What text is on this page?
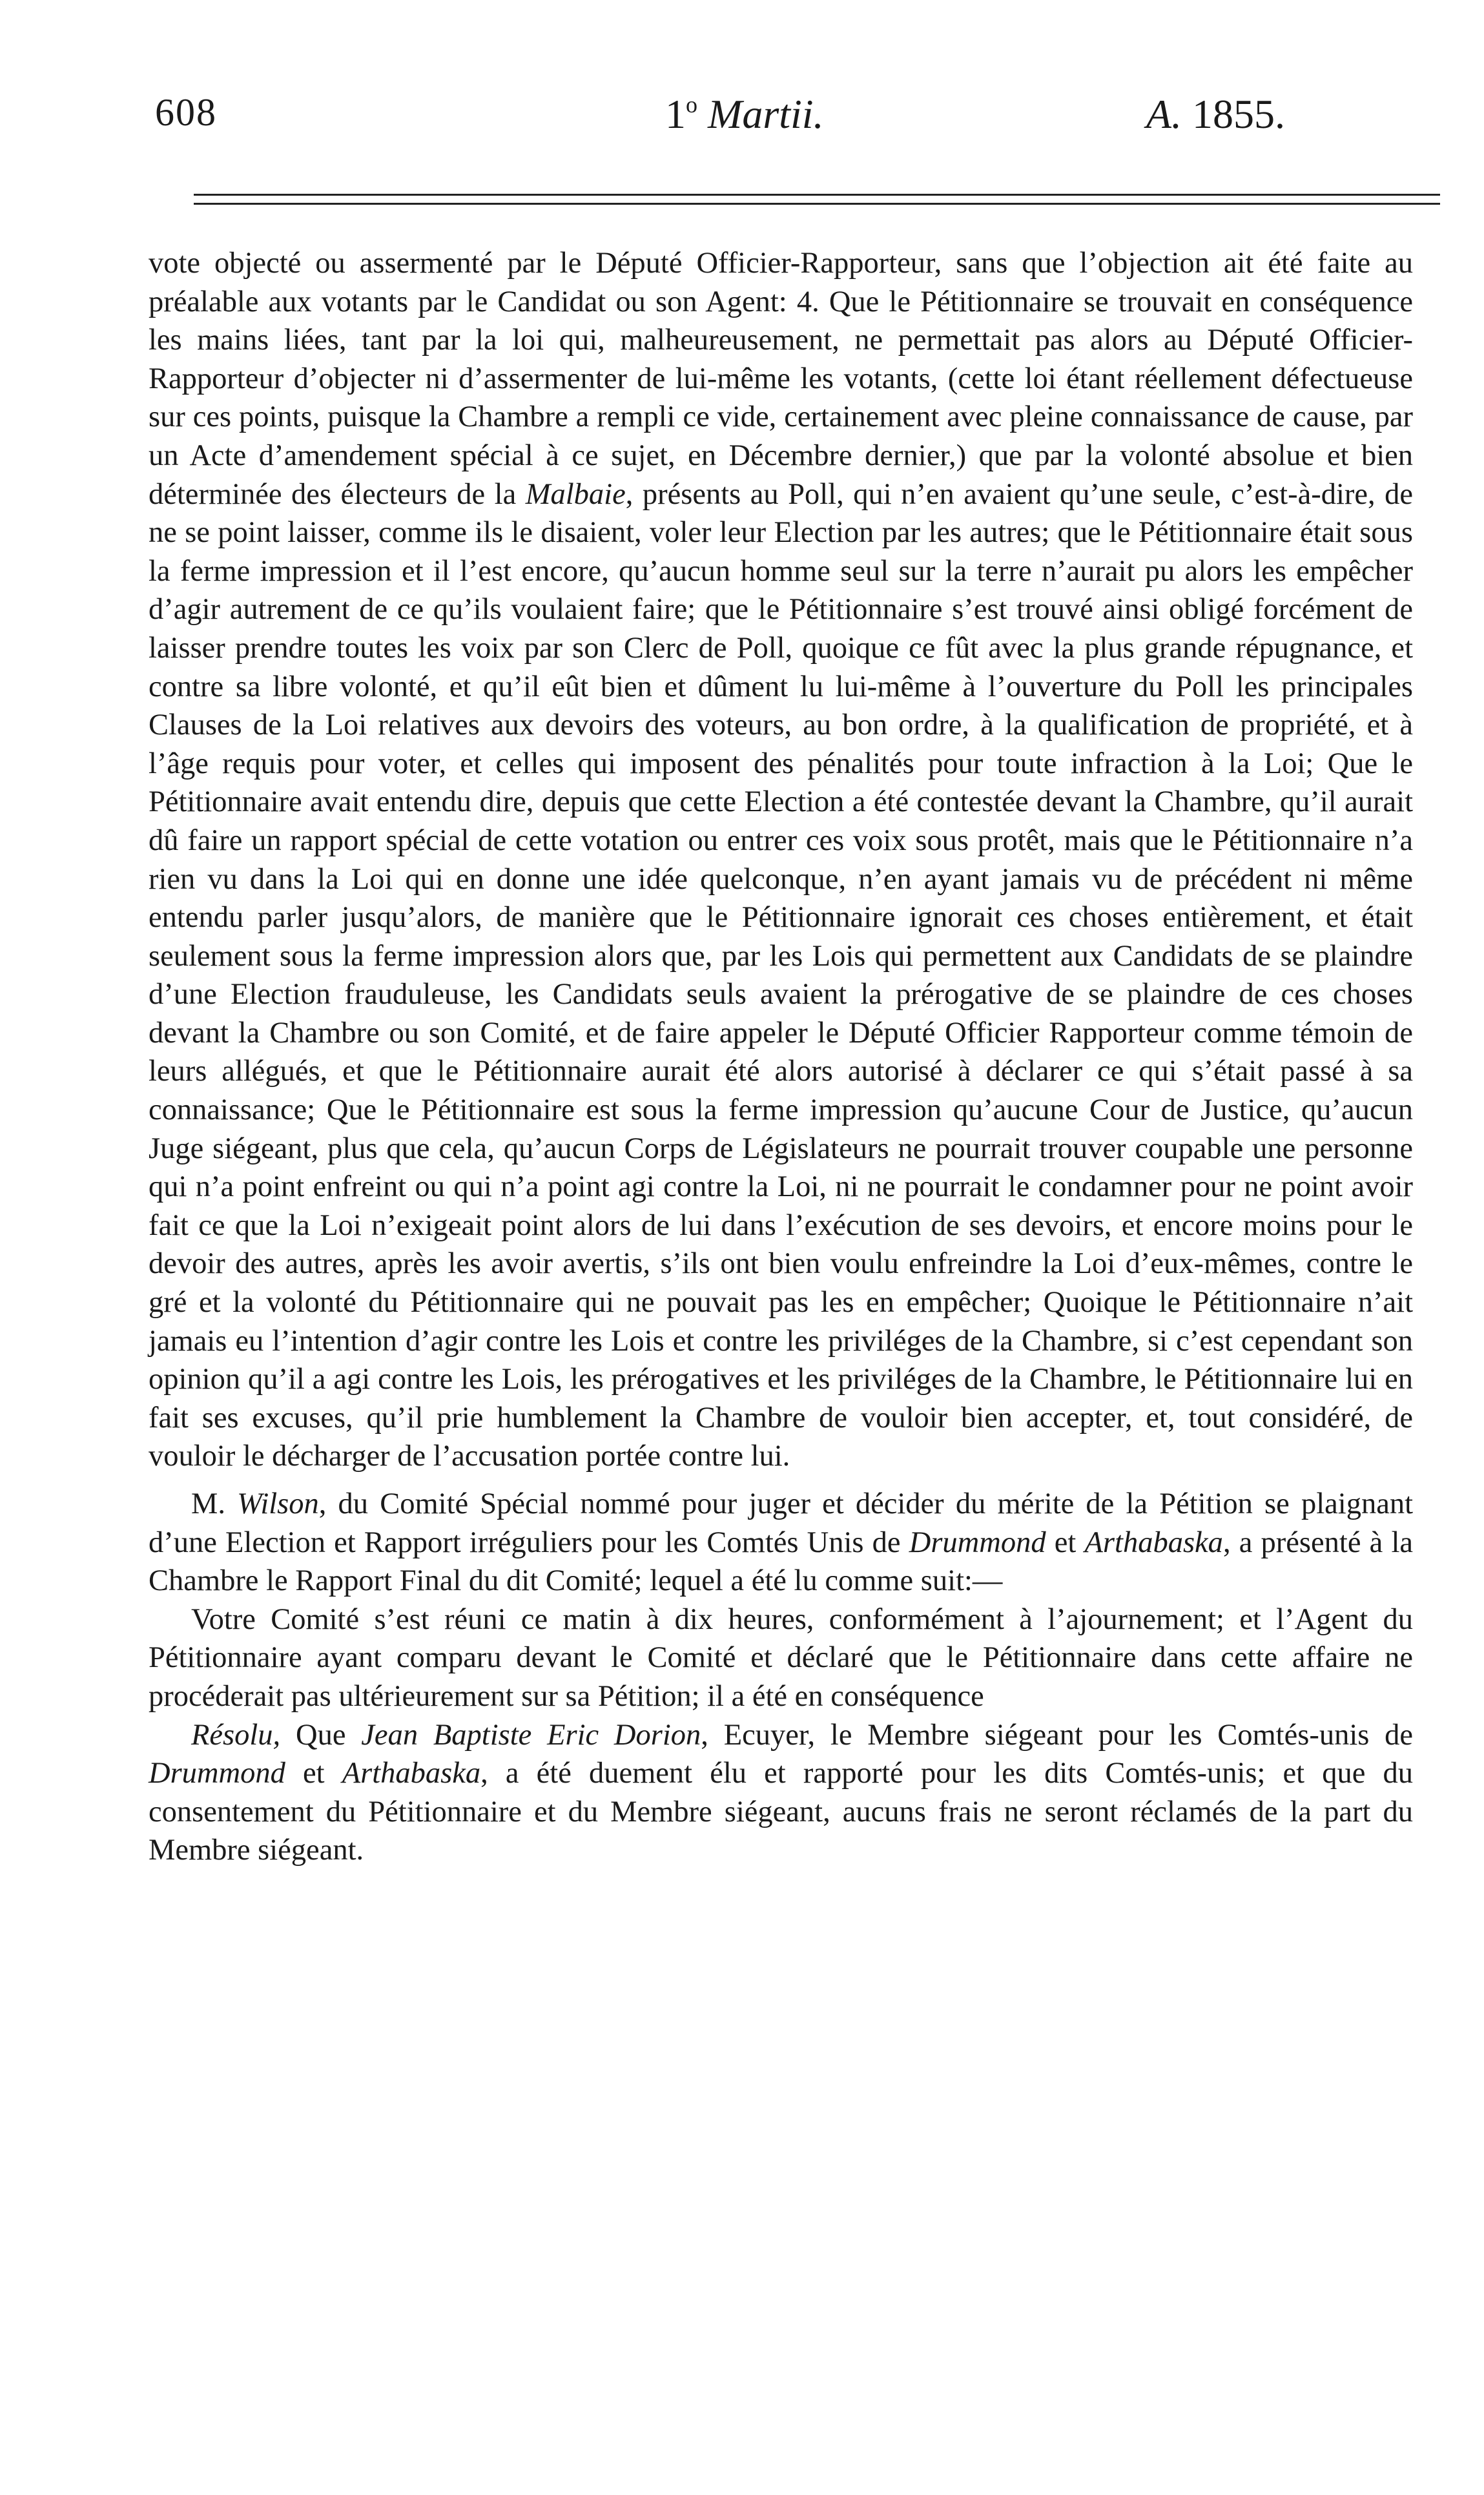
608	1$^o$ Martii.	A. 1855.

vote objecté ou assermenté par le Député Officier-Rapporteur, sans que l’objection ait été faite au préalable aux votants par le Candidat ou son Agent: 4. Que le Pétitionnaire se trouvait en conséquence les mains liées, tant par la loi qui, malheureusement, ne permettait pas alors au Député Officier-Rapporteur d’objecter ni d’assermenter de lui-même les votants, (cette loi étant réellement défectueuse sur ces points, puisque la Chambre a rempli ce vide, certainement avec pleine connaissance de cause, par un Acte d’amendement spécial à ce sujet, en Décembre dernier,) que par la volonté absolue et bien déterminée des électeurs de la Malbaie, présents au Poll, qui n’en avaient qu’une seule, c’est-à-dire, de ne se point laisser, comme ils le disaient, voler leur Election par les autres; que le Pétitionnaire était sous la ferme impression et il l’est encore, qu’aucun homme seul sur la terre n’aurait pu alors les empêcher d’agir autrement de ce qu’ils voulaient faire; que le Pétitionnaire s’est trouvé ainsi obligé forcément de laisser prendre toutes les voix par son Clerc de Poll, quoique ce fût avec la plus grande répugnance, et contre sa libre volonté, et qu’il eût bien et dûment lu lui-même à l’ouverture du Poll les principales Clauses de la Loi relatives aux devoirs des voteurs, au bon ordre, à la qualification de propriété, et à l’âge requis pour voter, et celles qui imposent des pénalités pour toute infraction à la Loi; Que le Pétitionnaire avait entendu dire, depuis que cette Election a été contestée devant la Chambre, qu’il aurait dû faire un rapport spécial de cette votation ou entrer ces voix sous protêt, mais que le Pétitionnaire n’a rien vu dans la Loi qui en donne une idée quelconque, n’en ayant jamais vu de précédent ni même entendu parler jusqu’alors, de manière que le Pétitionnaire ignorait ces choses entièrement, et était seulement sous la ferme impression alors que, par les Lois qui permettent aux Candidats de se plaindre d’une Election frauduleuse, les Candidats seuls avaient la prérogative de se plaindre de ces choses devant la Chambre ou son Comité, et de faire appeler le Député Officier Rapporteur comme témoin de leurs allégués, et que le Pétitionnaire aurait été alors autorisé à déclarer ce qui s’était passé à sa connaissance; Que le Pétitionnaire est sous la ferme impression qu’aucune Cour de Justice, qu’aucun Juge siégeant, plus que cela, qu’aucun Corps de Législateurs ne pourrait trouver coupable une personne qui n’a point enfreint ou qui n’a point agi contre la Loi, ni ne pourrait le condamner pour ne point avoir fait ce que la Loi n’exigeait point alors de lui dans l’exécution de ses devoirs, et encore moins pour le devoir des autres, après les avoir avertis, s’ils ont bien voulu enfreindre la Loi d’eux-mêmes, contre le gré et la volonté du Pétitionnaire qui ne pouvait pas les en empêcher; Quoique le Pétitionnaire n’ait jamais eu l’intention d’agir contre les Lois et contre les priviléges de la Chambre, si c’est cependant son opinion qu’il a agi contre les Lois, les prérogatives et les priviléges de la Chambre, le Pétitionnaire lui en fait ses excuses, qu’il prie humblement la Chambre de vouloir bien accepter, et, tout considéré, de vouloir le décharger de l’accusation portée contre lui.

M. Wilson, du Comité Spécial nommé pour juger et décider du mérite de la Pétition se plaignant d’une Election et Rapport irréguliers pour les Comtés Unis de Drummond et Arthabaska, a présenté à la Chambre le Rapport Final du dit Comité; lequel a été lu comme suit:—

Votre Comité s’est réuni ce matin à dix heures, conformément à l’ajournement; et l’Agent du Pétitionnaire ayant comparu devant le Comité et déclaré que le Pétitionnaire dans cette affaire ne procéderait pas ultérieurement sur sa Pétition; il a été en conséquence

Résolu, Que Jean Baptiste Eric Dorion, Ecuyer, le Membre siégeant pour les Comtés-unis de Drummond et Arthabaska, a été duement élu et rapporté pour les dits Comtés-unis; et que du consentement du Pétitionnaire et du Membre siégeant, aucuns frais ne seront réclamés de la part du Membre siégeant.
